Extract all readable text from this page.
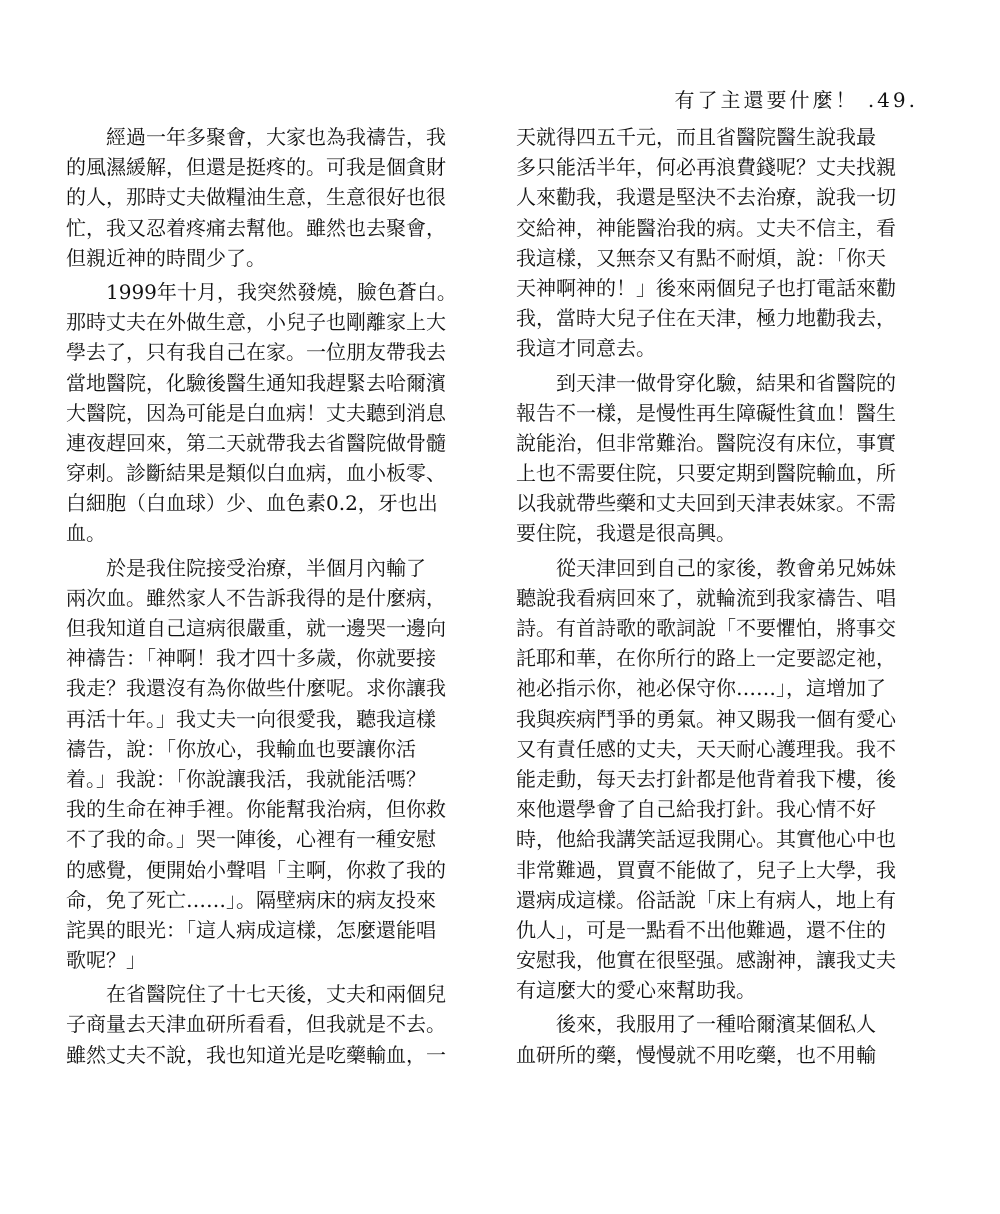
有了主還要什麼！ .49.
經過一年多聚會，大家也為我禱告，我
的風濕緩解，但還是挺疼的。可我是個貪財
的人，那時丈夫做糧油生意，生意很好也很
忙，我又忍着疼痛去幫他。雖然也去聚會，
但親近神的時間少了。
1999年十月，我突然發燒，臉色蒼白。
那時丈夫在外做生意，小兒子也剛離家上大
學去了，只有我自己在家。一位朋友帶我去
當地醫院，化驗後醫生通知我趕緊去哈爾濱
大醫院，因為可能是白血病！丈夫聽到消息
連夜趕回來，第二天就帶我去省醫院做骨髓
穿刺。診斷結果是類似白血病，血小板零、
白細胞（白血球）少、血色素0.2，牙也出
血。
於是我住院接受治療，半個月內輸了
兩次血。雖然家人不告訴我得的是什麼病，
但我知道自己這病很嚴重，就一邊哭一邊向
神禱告：「神啊！我才四十多歲，你就要接
我走？我還沒有為你做些什麼呢。求你讓我
再活十年。」我丈夫一向很愛我，聽我這樣
禱告，說：「你放心，我輸血也要讓你活
着。」我說：「你說讓我活，我就能活嗎？
我的生命在神手裡。你能幫我治病，但你救
不了我的命。」哭一陣後，心裡有一種安慰
的感覺，便開始小聲唱「主啊，你救了我的
命，免了死亡……」。隔壁病床的病友投來
詫異的眼光：「這人病成這樣，怎麼還能唱
歌呢？」
在省醫院住了十七天後，丈夫和兩個兒
子商量去天津血研所看看，但我就是不去。
雖然丈夫不說，我也知道光是吃藥輸血，一
天就得四五千元，而且省醫院醫生說我最
多只能活半年，何必再浪費錢呢？丈夫找親
人來勸我，我還是堅決不去治療，說我一切
交給神，神能醫治我的病。丈夫不信主，看
我這樣，又無奈又有點不耐煩，說：「你天
天神啊神的！」後來兩個兒子也打電話來勸
我，當時大兒子住在天津，極力地勸我去，
我這才同意去。
到天津一做骨穿化驗，結果和省醫院的
報告不一樣，是慢性再生障礙性貧血！醫生
說能治，但非常難治。醫院沒有床位，事實
上也不需要住院，只要定期到醫院輸血，所
以我就帶些藥和丈夫回到天津表妹家。不需
要住院，我還是很高興。
從天津回到自己的家後，教會弟兄姊妹
聽說我看病回來了，就輪流到我家禱告、唱
詩。有首詩歌的歌詞說「不要懼怕，將事交
託耶和華，在你所行的路上一定要認定祂，
祂必指示你，祂必保守你……」，這增加了
我與疾病鬥爭的勇氣。神又賜我一個有愛心
又有責任感的丈夫，天天耐心護理我。我不
能走動，每天去打針都是他背着我下樓，後
來他還學會了自己給我打針。我心情不好
時，他給我講笑話逗我開心。其實他心中也
非常難過，買賣不能做了，兒子上大學，我
還病成這樣。俗話說「床上有病人，地上有
仇人」，可是一點看不出他難過，還不住的
安慰我，他實在很堅强。感謝神，讓我丈夫
有這麼大的愛心來幫助我。
後來，我服用了一種哈爾濱某個私人
血研所的藥，慢慢就不用吃藥，也不用輸
